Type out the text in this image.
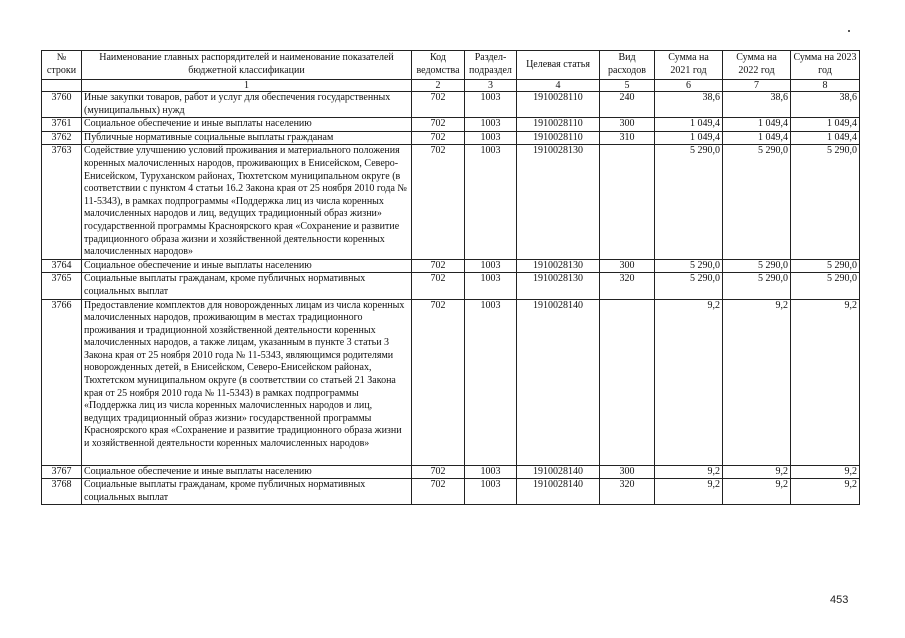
№ строки	Наименование главных распорядителей и наименование показателей бюджетной классификации	Код ведомства	Раздел-подраздел	Целевая статья	Вид расходов	Сумма на 2021 год	Сумма на 2022 год	Сумма на 2023 год
	1	2	3	4	5	6	7	8
3760	Иные закупки товаров, работ и услуг для обеспечения государственных (муниципальных) нужд	702	1003	1910028110	240	38,6	38,6	38,6
3761	Социальное обеспечение и иные выплаты населению	702	1003	1910028110	300	1 049,4	1 049,4	1 049,4
3762	Публичные нормативные социальные выплаты гражданам	702	1003	1910028110	310	1 049,4	1 049,4	1 049,4
3763	Содействие улучшению условий проживания и материального положения коренных малочисленных народов, проживающих в Енисейском, Северо-Енисейском, Туруханском районах, Тюхтетском муниципальном округе (в соответствии с пунктом 4 статьи 16.2 Закона края от 25 ноября 2010 года № 11-5343), в рамках подпрограммы «Поддержка лиц из числа коренных малочисленных народов и лиц, ведущих традиционный образ жизни» государственной программы Красноярского края «Сохранение и развитие традиционного образа жизни и хозяйственной деятельности коренных малочисленных народов»	702	1003	1910028130		5 290,0	5 290,0	5 290,0
3764	Социальное обеспечение и иные выплаты населению	702	1003	1910028130	300	5 290,0	5 290,0	5 290,0
3765	Социальные выплаты гражданам, кроме публичных нормативных социальных выплат	702	1003	1910028130	320	5 290,0	5 290,0	5 290,0
3766	Предоставление комплектов для новорожденных лицам из числа коренных малочисленных народов, проживающим в местах традиционного проживания и традиционной хозяйственной деятельности коренных малочисленных народов, а также лицам, указанным в пункте 3 статьи 3 Закона края от 25 ноября 2010 года № 11-5343, являющимся родителями новорожденных детей, в Енисейском, Северо-Енисейском районах, Тюхтетском муниципальном округе (в соответствии со статьей 21 Закона края от 25 ноября 2010 года № 11-5343) в рамках подпрограммы «Поддержка лиц из числа коренных малочисленных народов и лиц, ведущих традиционный образ жизни» государственной программы Красноярского края «Сохранение и развитие традиционного образа жизни и хозяйственной деятельности коренных малочисленных народов»	702	1003	1910028140		9,2	9,2	9,2
3767	Социальное обеспечение и иные выплаты населению	702	1003	1910028140	300	9,2	9,2	9,2
3768	Социальные выплаты гражданам, кроме публичных нормативных социальных выплат	702	1003	1910028140	320	9,2	9,2	9,2
453
